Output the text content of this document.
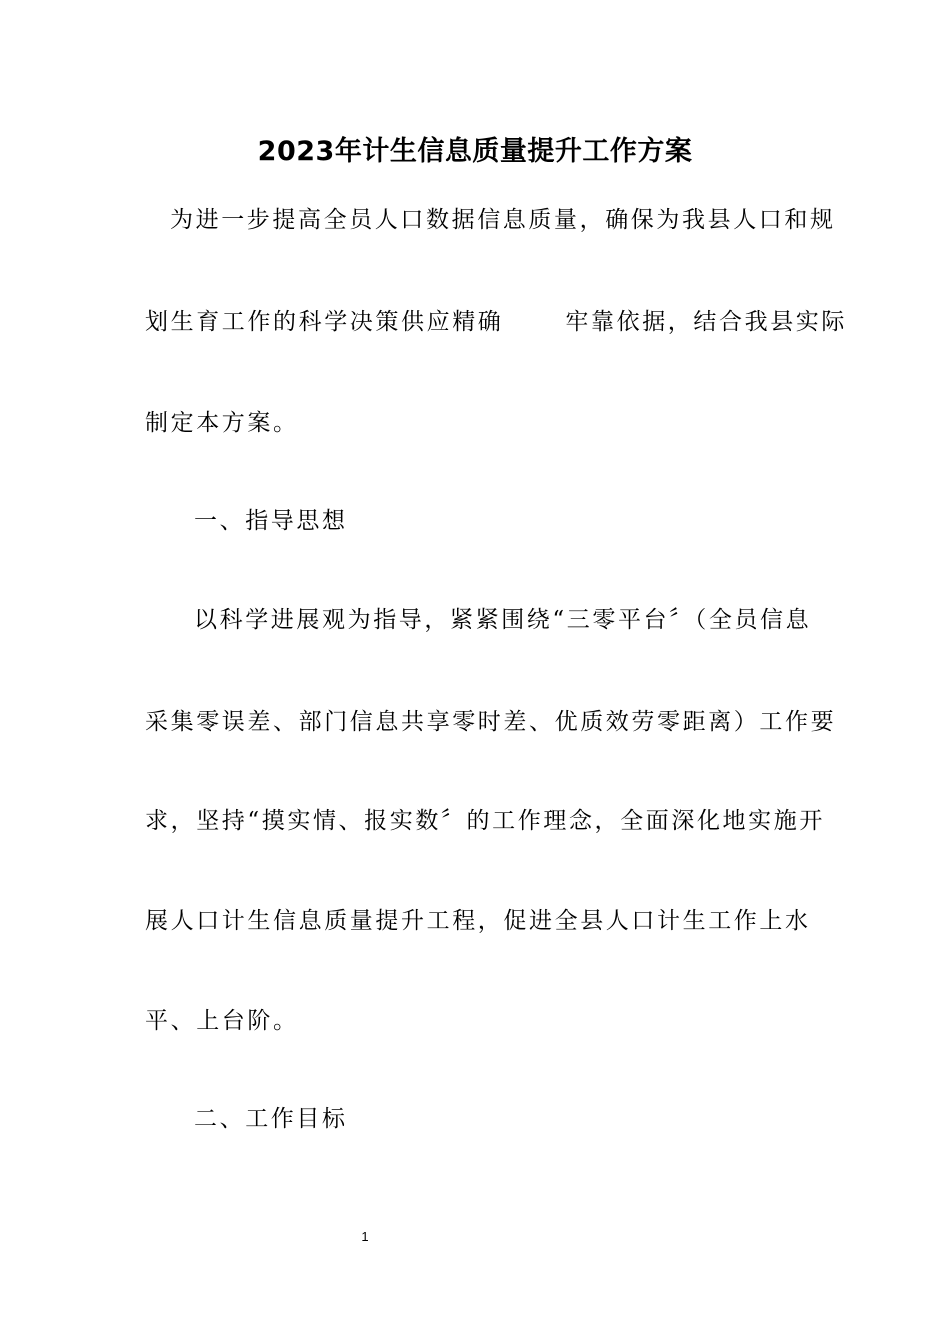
2023年计生信息质量提升工作方案
为进一步提高全员人口数据信息质量，确保为我县人口和规
划生育工作的科学决策供应精确	牢靠依据，结合我县实际
制定本方案。
一、指导思想
以科学进展观为指导，紧紧围绕“三零平台〞（全员信息
采集零误差、部门信息共享零时差、优质效劳零距离）工作要
求，坚持“摸实情、报实数〞的工作理念，全面深化地实施开
展人口计生信息质量提升工程，促进全县人口计生工作上水
平、上台阶。
二、工作目标
1
